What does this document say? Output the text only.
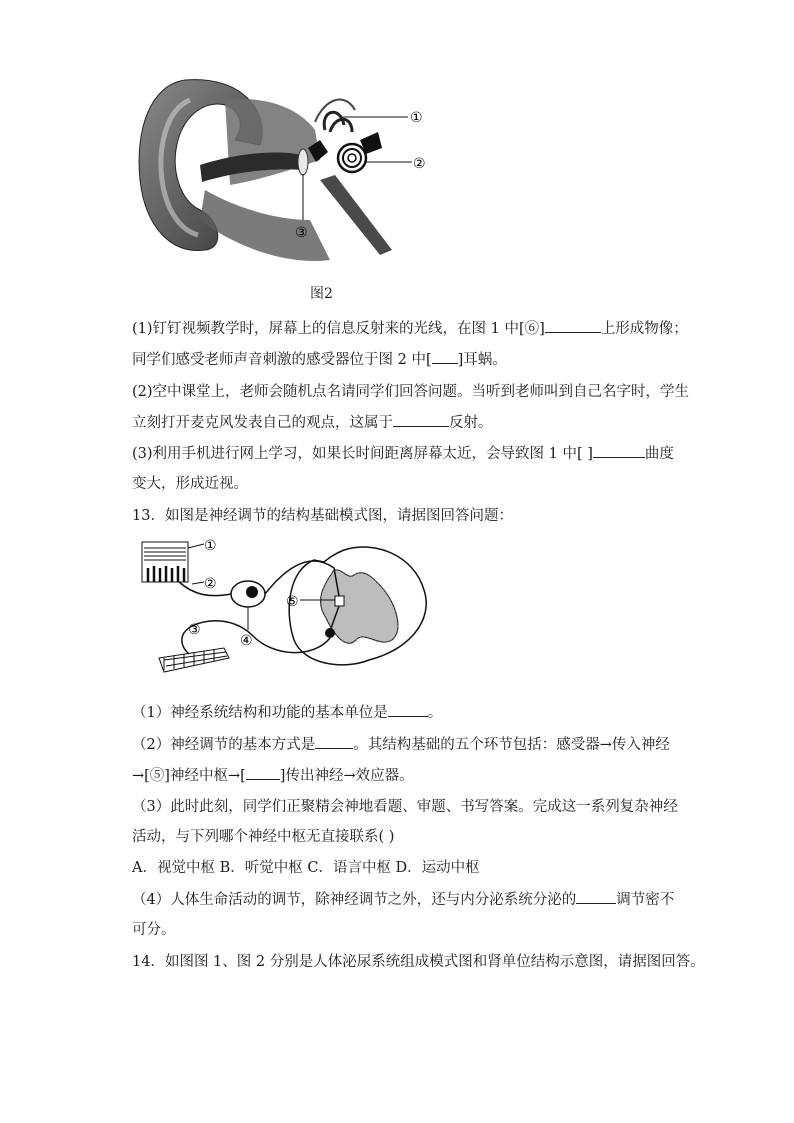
①
②
③
图2
(1)钉钉视频教学时，屏幕上的信息反射来的光线，在图 1 中[⑥]	上形成物像；
同学们感受老师声音刺激的感受器位于图 2 中[ ]耳蜗。
(2)空中课堂上，老师会随机点名请同学们回答问题。当听到老师叫到自己名字时，学生
立刻打开麦克风发表自己的观点，这属于	反射。
(3)利用手机进行网上学习，如果长时间距离屏幕太近，会导致图 1 中[ ]	曲度
变大，形成近视。
13．如图是神经调节的结构基础模式图，请据图回答问题：
①
②
③
④
⑤
（1）神经系统结构和功能的基本单位是	。
（2）神经调节的基本方式是	。其结构基础的五个环节包括：感受器→传入神经
→[⑤]神经中枢→[ ]传出神经→效应器。
（3）此时此刻，同学们正聚精会神地看题、审题、书写答案。完成这一系列复杂神经
活动，与下列哪个神经中枢无直接联系( )
A．视觉中枢 B．听觉中枢 C．语言中枢 D．运动中枢
（4）人体生命活动的调节，除神经调节之外，还与内分泌系统分泌的	调节密不
可分。
14．如图图 1、图 2 分别是人体泌尿系统组成模式图和肾单位结构示意图，请据图回答。
